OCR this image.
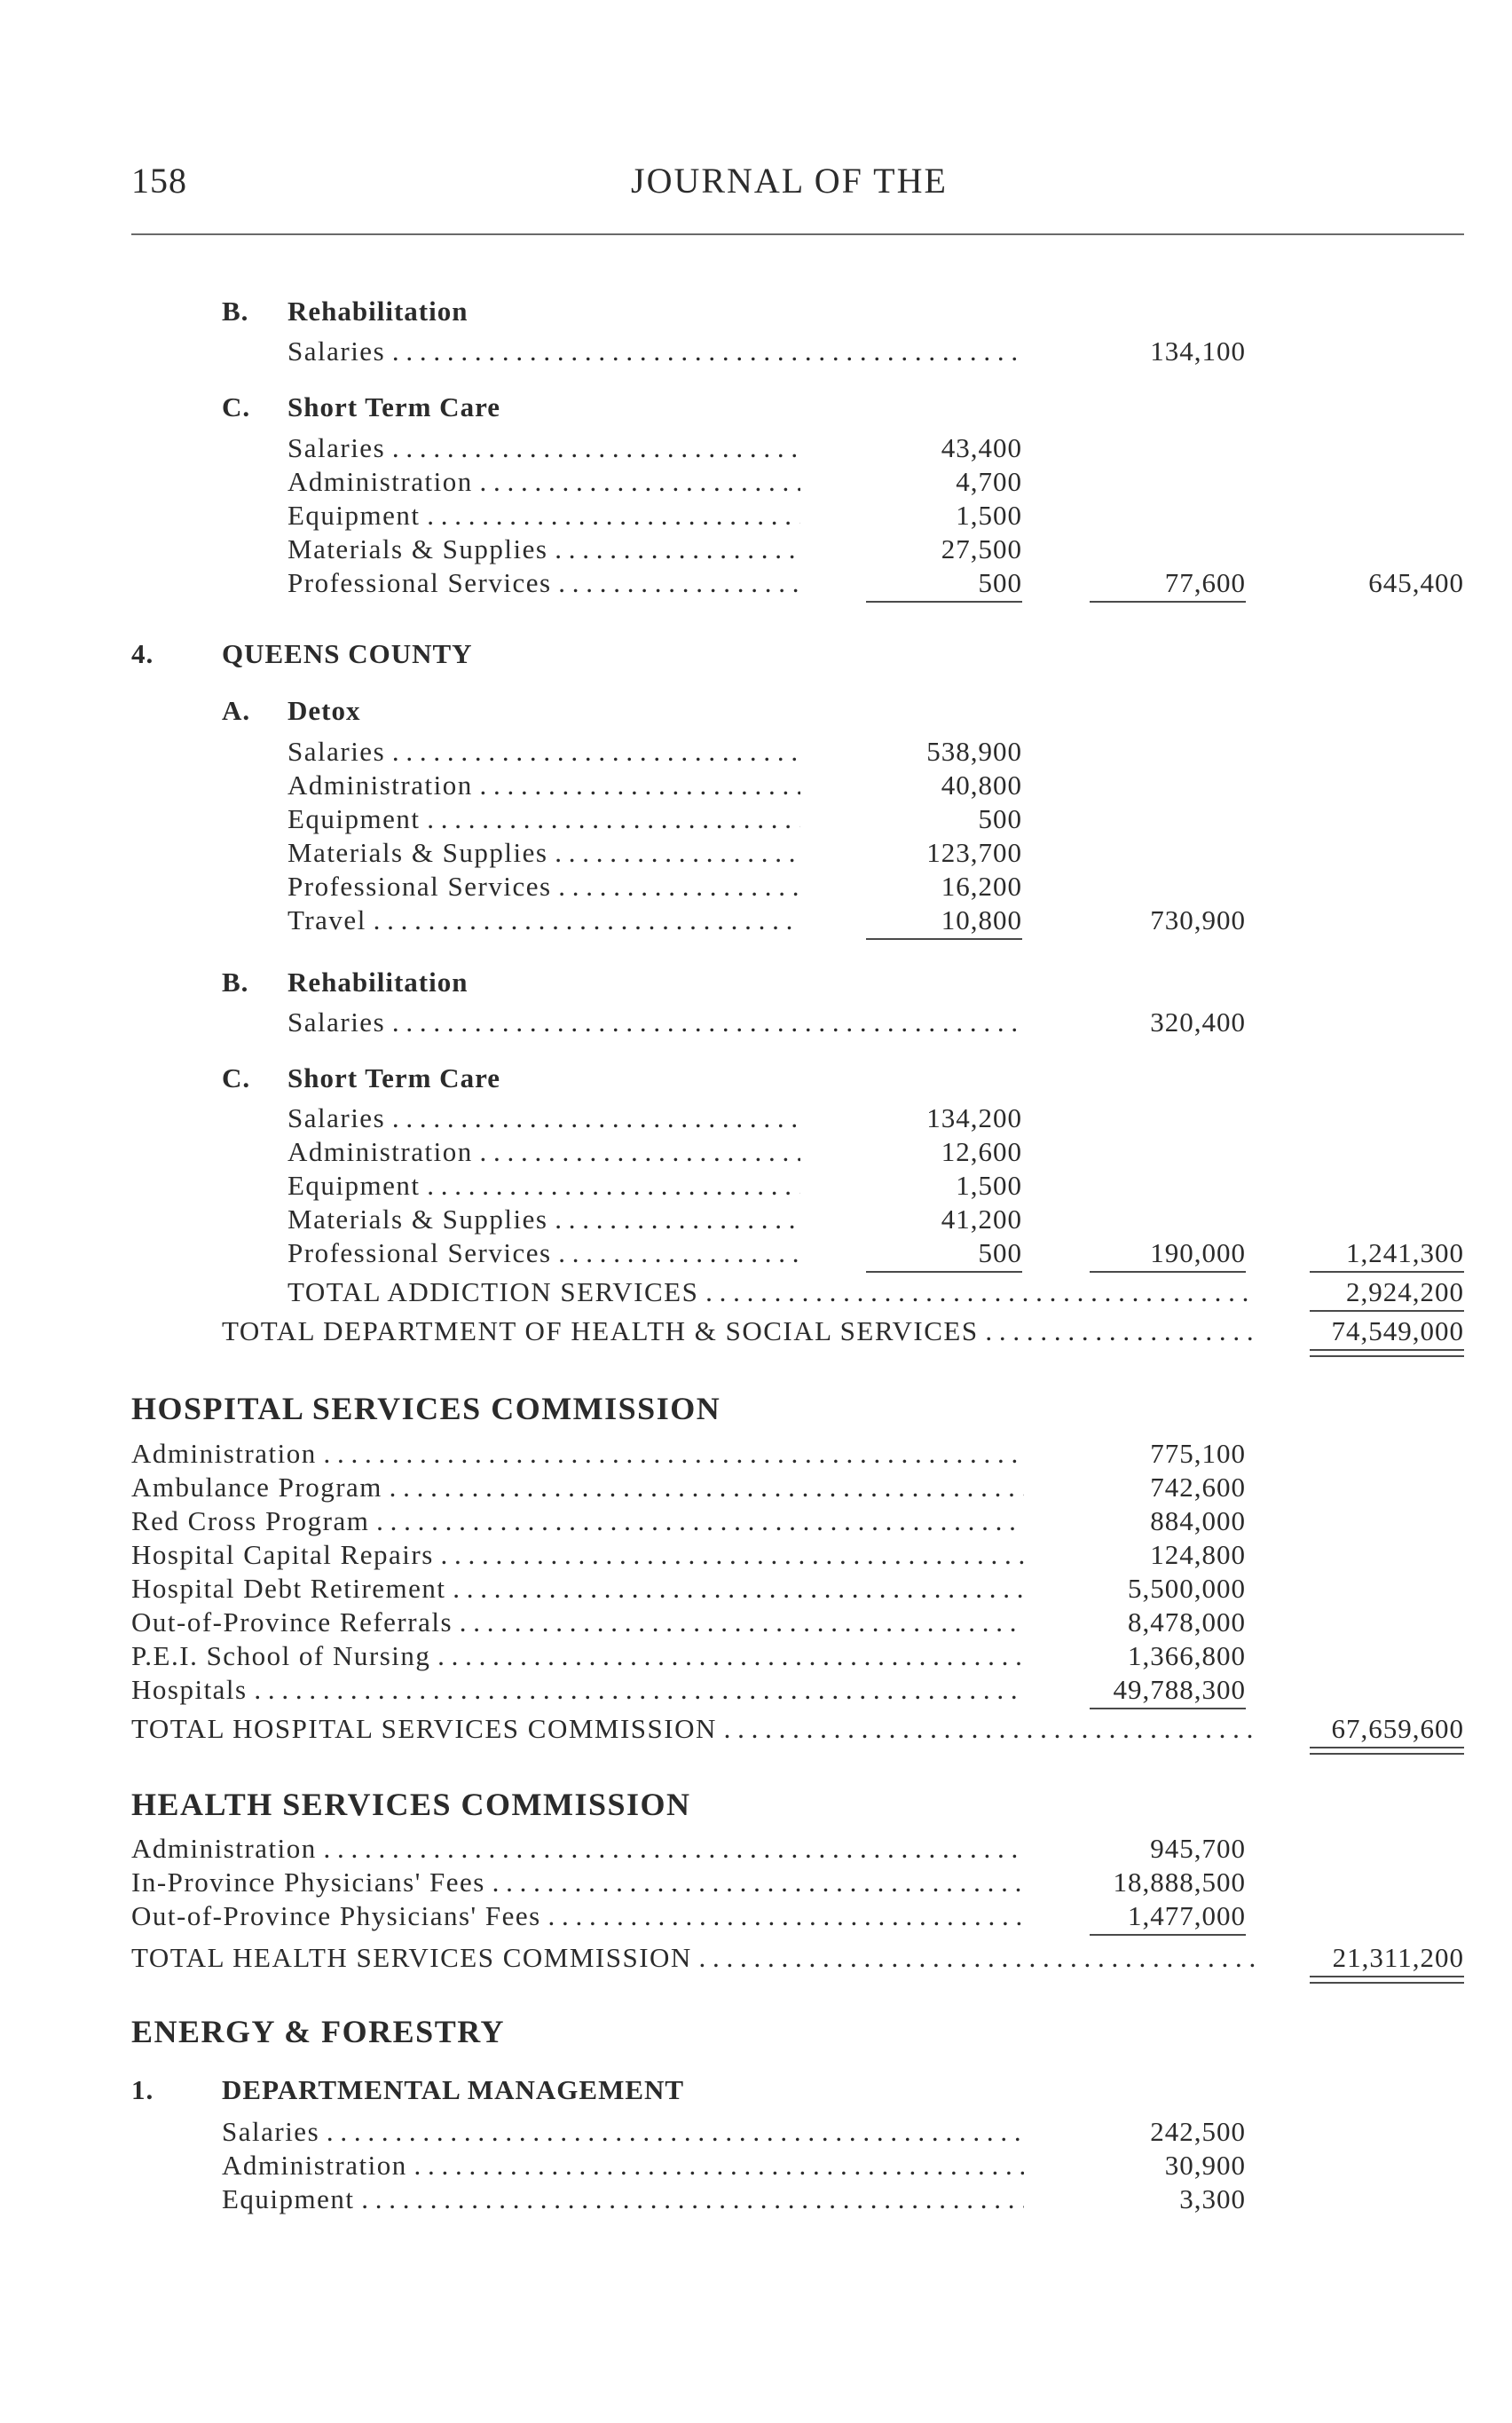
158	JOURNAL OF THE
B. Rehabilitation
Salaries . . .	134,100
C. Short Term Care
Salaries . . .	43,400
Administration . . .	4,700
Equipment . . .	1,500
Materials & Supplies . . .	27,500
Professional Services . . .	500	77,600	645,400
4. QUEENS COUNTY
A. Detox
Salaries . . .	538,900
Administration . . .	40,800
Equipment . . .	500
Materials & Supplies . . .	123,700
Professional Services . . .	16,200
Travel . . .	10,800	730,900
B. Rehabilitation
Salaries . . .	320,400
C. Short Term Care
Salaries . . .	134,200
Administration . . .	12,600
Equipment . . .	1,500
Materials & Supplies . . .	41,200
Professional Services . . .	500	190,000	1,241,300
TOTAL ADDICTION SERVICES . . .	2,924,200
TOTAL DEPARTMENT OF HEALTH & SOCIAL SERVICES . . .	74,549,000
HOSPITAL SERVICES COMMISSION
Administration . . .	775,100
Ambulance Program . . .	742,600
Red Cross Program . . .	884,000
Hospital Capital Repairs . . .	124,800
Hospital Debt Retirement . . .	5,500,000
Out-of-Province Referrals . . .	8,478,000
P.E.I. School of Nursing . . .	1,366,800
Hospitals . . .	49,788,300
TOTAL HOSPITAL SERVICES COMMISSION . . .	67,659,600
HEALTH SERVICES COMMISSION
Administration . . .	945,700
In-Province Physicians' Fees . . .	18,888,500
Out-of-Province Physicians' Fees . . .	1,477,000
TOTAL HEALTH SERVICES COMMISSION . . .	21,311,200
ENERGY & FORESTRY
1. DEPARTMENTAL MANAGEMENT
Salaries . . .	242,500
Administration . . .	30,900
Equipment . . .	3,300
